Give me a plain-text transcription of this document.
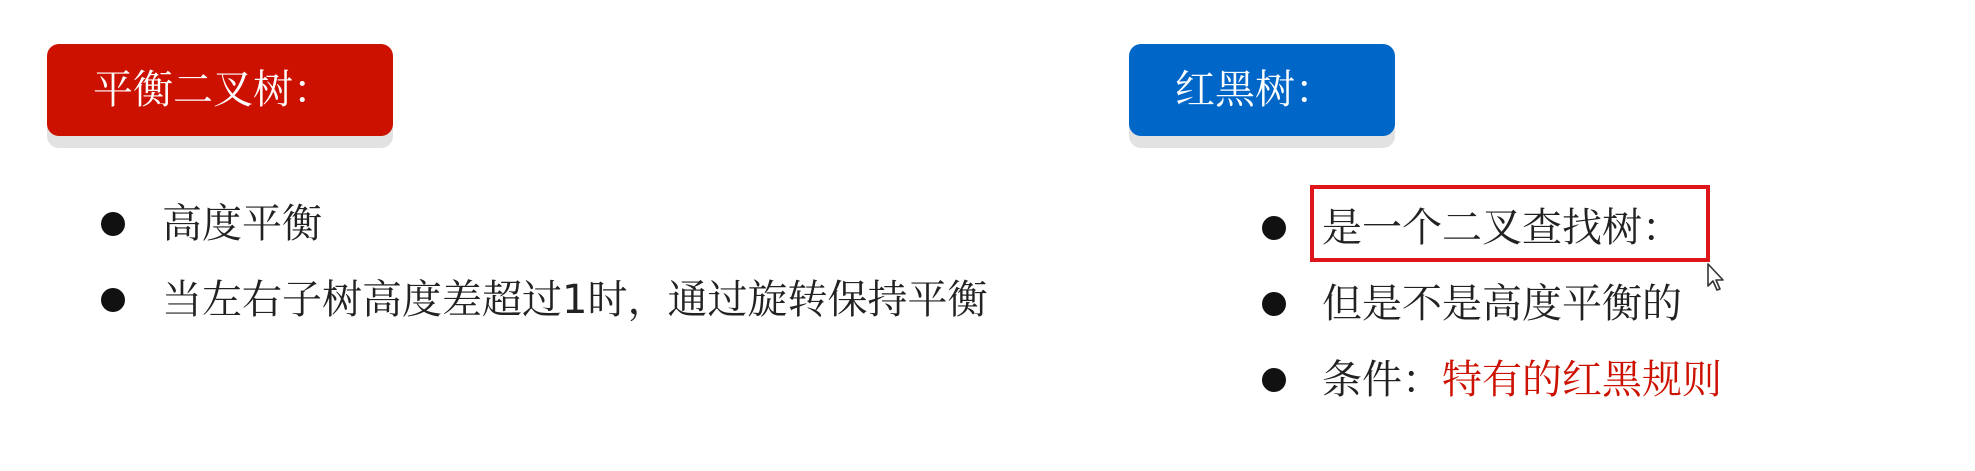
平衡二叉树：	红黑树：
高度平衡
当左右子树高度差超过1时，通过旋转保持平衡
是一个二叉查找树：
但是不是高度平衡的
条件：特有的红黑规则
